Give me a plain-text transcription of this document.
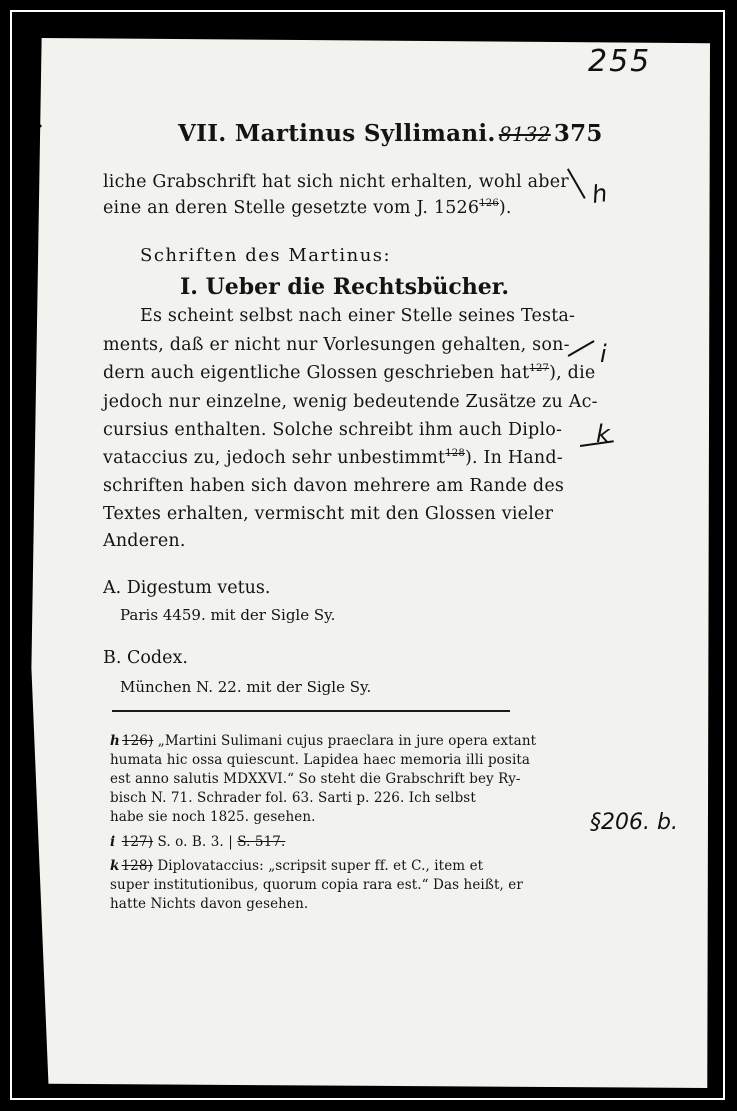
255
VII. Martinus Syllimani. 8132 375
liche Grabschrift hat sich nicht erhalten, wohl aber
eine an deren Stelle gesetzte vom J. 1526$^{126}$).
Schriften des Martinus:
I. Ueber die Rechtsbücher.
Es scheint selbst nach einer Stelle seines Testa-
ments, daß er nicht nur Vorlesungen gehalten, son-
dern auch eigentliche Glossen geschrieben hat$^{127}$), die
jedoch nur einzelne, wenig bedeutende Zusätze zu Ac-
cursius enthalten. Solche schreibt ihm auch Diplo-
vataccius zu, jedoch sehr unbestimmt$^{128}$). In Hand-
schriften haben sich davon mehrere am Rande des
Textes erhalten, vermischt mit den Glossen vieler
Anderen.
A. Digestum vetus.
Paris 4459. mit der Sigle Sy.
B. Codex.
München N. 22. mit der Sigle Sy.
h 126) „Martini Sulimani cujus praeclara in jure opera extant
humata hic ossa quiescunt. Lapidea haec memoria illi posita
est anno salutis MDXXVI.“ So steht die Grabschrift bey Ry-
bisch N. 71. Schrader fol. 63. Sarti p. 226. Ich selbst
habe sie noch 1825. gesehen.
i 127) S. o. B. 3. | S. 517.
k 128) Diplovataccius: „scripsit super ff. et C., item et
super institutionibus, quorum copia rara est.“ Das heißt, er
hatte Nichts davon gesehen.
h
i
k
§206. b.
